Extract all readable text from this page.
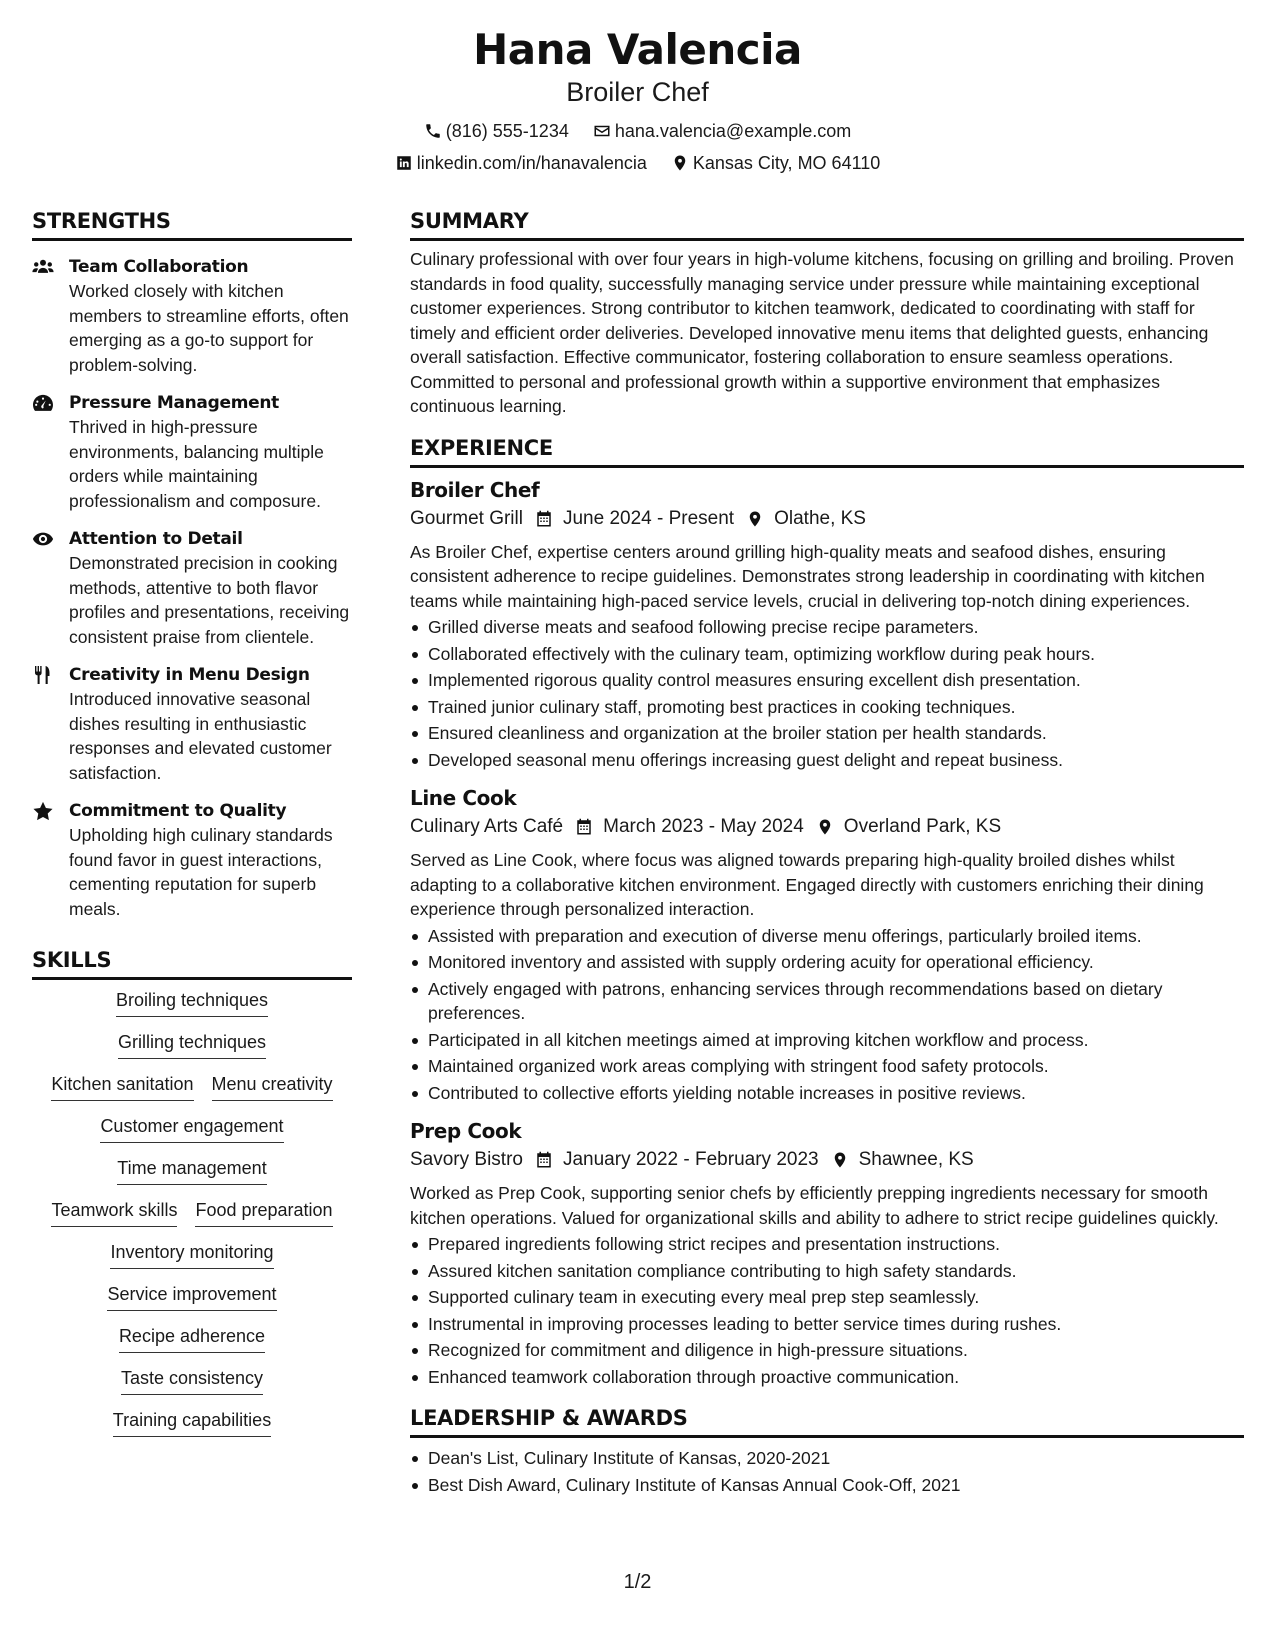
Hana Valencia
Broiler Chef
(816) 555-1234	hana.valencia@example.com
linkedin.com/in/hanavalencia	Kansas City, MO 64110
STRENGTHS
Team Collaboration
Worked closely with kitchen members to streamline efforts, often emerging as a go-to support for problem-solving.
Pressure Management
Thrived in high-pressure environments, balancing multiple orders while maintaining professionalism and composure.
Attention to Detail
Demonstrated precision in cooking methods, attentive to both flavor profiles and presentations, receiving consistent praise from clientele.
Creativity in Menu Design
Introduced innovative seasonal dishes resulting in enthusiastic responses and elevated customer satisfaction.
Commitment to Quality
Upholding high culinary standards found favor in guest interactions, cementing reputation for superb meals.
SKILLS
Broiling techniques
Grilling techniques
Kitchen sanitation Menu creativity
Customer engagement
Time management
Teamwork skills Food preparation
Inventory monitoring
Service improvement
Recipe adherence
Taste consistency
Training capabilities
SUMMARY
Culinary professional with over four years in high-volume kitchens, focusing on grilling and broiling. Proven standards in food quality, successfully managing service under pressure while maintaining exceptional customer experiences. Strong contributor to kitchen teamwork, dedicated to coordinating with staff for timely and efficient order deliveries. Developed innovative menu items that delighted guests, enhancing overall satisfaction. Effective communicator, fostering collaboration to ensure seamless operations. Committed to personal and professional growth within a supportive environment that emphasizes continuous learning.
EXPERIENCE
Broiler Chef
Gourmet Grill June 2024 - Present Olathe, KS
As Broiler Chef, expertise centers around grilling high-quality meats and seafood dishes, ensuring consistent adherence to recipe guidelines. Demonstrates strong leadership in coordinating with kitchen teams while maintaining high-paced service levels, crucial in delivering top-notch dining experiences.
Grilled diverse meats and seafood following precise recipe parameters.
Collaborated effectively with the culinary team, optimizing workflow during peak hours.
Implemented rigorous quality control measures ensuring excellent dish presentation.
Trained junior culinary staff, promoting best practices in cooking techniques.
Ensured cleanliness and organization at the broiler station per health standards.
Developed seasonal menu offerings increasing guest delight and repeat business.
Line Cook
Culinary Arts Café March 2023 - May 2024 Overland Park, KS
Served as Line Cook, where focus was aligned towards preparing high-quality broiled dishes whilst adapting to a collaborative kitchen environment. Engaged directly with customers enriching their dining experience through personalized interaction.
Assisted with preparation and execution of diverse menu offerings, particularly broiled items.
Monitored inventory and assisted with supply ordering acuity for operational efficiency.
Actively engaged with patrons, enhancing services through recommendations based on dietary preferences.
Participated in all kitchen meetings aimed at improving kitchen workflow and process.
Maintained organized work areas complying with stringent food safety protocols.
Contributed to collective efforts yielding notable increases in positive reviews.
Prep Cook
Savory Bistro January 2022 - February 2023 Shawnee, KS
Worked as Prep Cook, supporting senior chefs by efficiently prepping ingredients necessary for smooth kitchen operations. Valued for organizational skills and ability to adhere to strict recipe guidelines quickly.
Prepared ingredients following strict recipes and presentation instructions.
Assured kitchen sanitation compliance contributing to high safety standards.
Supported culinary team in executing every meal prep step seamlessly.
Instrumental in improving processes leading to better service times during rushes.
Recognized for commitment and diligence in high-pressure situations.
Enhanced teamwork collaboration through proactive communication.
LEADERSHIP & AWARDS
Dean's List, Culinary Institute of Kansas, 2020-2021
Best Dish Award, Culinary Institute of Kansas Annual Cook-Off, 2021
1/2
